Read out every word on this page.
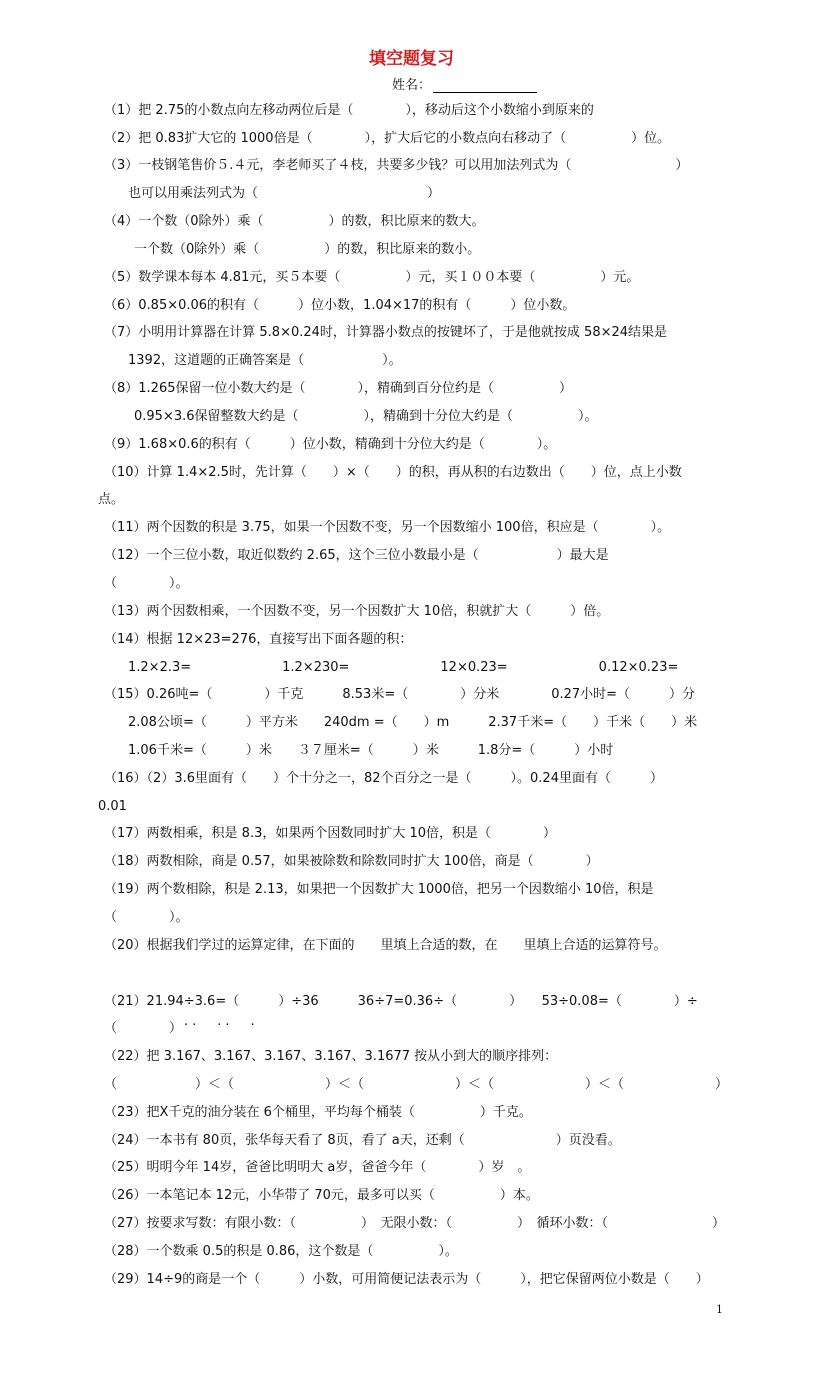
填空题复习
姓名：
（1）把 2.75的小数点向左移动两位后是（　　　　），移动后这个小数缩小到原来的
（2）把 0.83扩大它的 1000倍是（　　　　），扩大后它的小数点向右移动了（　　　　　）位。
（3）一枝钢笔售价５.４元，李老师买了４枝，共要多少钱？可以用加法列式为（　　　　　　　　）
也可以用乘法列式为（　　　　　　　　　　　　　）
（4）一个数（0除外）乘（　　　　　）的数，积比原来的数大。
一个数（0除外）乘（　　　　　）的数，积比原来的数小。
（5）数学课本每本 4.81元，买５本要（　　　　　）元，买１００本要（　　　　　）元。
（6）0.85×0.06的积有（　　　）位小数，1.04×17的积有（　　　）位小数。
（7）小明用计算器在计算 5.8×0.24时，计算器小数点的按键坏了，于是他就按成 58×24结果是
1392，这道题的正确答案是（　　　　　　）。
（8）1.265保留一位小数大约是（　　　　），精确到百分位约是（　　　　　）
0.95×3.6保留整数大约是（　　　　　），精确到十分位大约是（　　　　　）。
（9）1.68×0.6的积有（　　　）位小数，精确到十分位大约是（　　　　）。
（10）计算 1.4×2.5时，先计算（　　）×（　　）的积，再从积的右边数出（　　）位，点上小数
点。
（11）两个因数的积是 3.75，如果一个因数不变，另一个因数缩小 100倍，积应是（　　　　）。
（12）一个三位小数，取近似数约 2.65，这个三位小数最小是（　　　　　　）最大是
（　　　　）。
（13）两个因数相乘，一个因数不变，另一个因数扩大 10倍，积就扩大（　　　）倍。
（14）根据 12×23=276，直接写出下面各题的积：
1.2×2.3=　　　　　　　1.2×230=　　　　　　　12×0.23=　　　　　　　0.12×0.23=
（15）0.26吨=（　　　　）千克　　　8.53米=（　　　　）分米　　　　0.27小时=（　　　）分
2.08公顷=（　　　）平方米　　240dm =（　　）m　　　2.37千米=（　　）千米（　　）米
1.06千米=（　　　）米　　３７厘米=（　　　）米　　　1.8分=（　　　）小时
（16）（2）3.6里面有（　　）个十分之一，82个百分之一是（　　　）。0.24里面有（　　　）
0.01
（17）两数相乘，积是 8.3，如果两个因数同时扩大 10倍，积是（　　　　）
（18）两数相除，商是 0.57，如果被除数和除数同时扩大 100倍，商是（　　　　）
（19）两个数相除，积是 2.13，如果把一个因数扩大 1000倍，把另一个因数缩小 10倍，积是
（　　　　）。
（20）根据我们学过的运算定律，在下面的　　里填上合适的数，在　　里填上合适的运算符号。
（21）21.94÷3.6=（　　　）÷36　　　36÷7=0.36÷（　　　　）　　53÷0.08=（　　　　）÷
（　　　　）
（22）把 3.167、3.167、3.167、3.167、3.1677 按从小到大的顺序排列：
（　　　　　　）＜（　　　　　　　）＜（　　　　　　　）＜（　　　　　　　）＜（　　　　　　　）
（23）把X千克的油分装在 6个桶里，平均每个桶装（　　　　　）千克。
（24）一本书有 80页，张华每天看了 8页，看了 a天，还剩（　　　　　　　）页没看。
（25）明明今年 14岁，爸爸比明明大 a岁，爸爸今年（　　　　）岁　。
（26）一本笔记本 12元，小华带了 70元，最多可以买（　　　　　）本。
（27）按要求写数：有限小数：（　　　　　）　无限小数：（　　　　　）　循环小数：（　　　　　　　　）
（28）一个数乘 0.5的积是 0.86，这个数是（　　　　　）。
（29）14÷9的商是一个（　　　）小数，可用简便记法表示为（　　　），把它保留两位小数是（　　）
··　··　·
1
